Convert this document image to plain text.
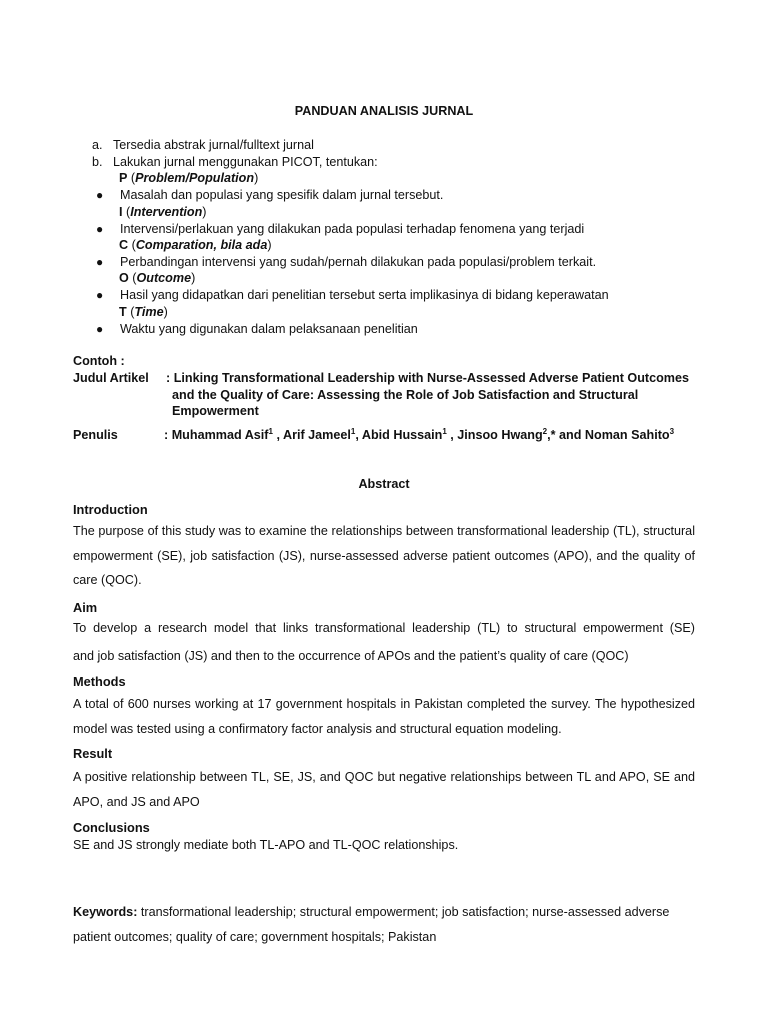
PANDUAN ANALISIS JURNAL
a. Tersedia abstrak jurnal/fulltext jurnal
b. Lakukan jurnal menggunakan PICOT, tentukan:
P (Problem/Population)
● Masalah dan populasi yang spesifik dalam jurnal tersebut.
I (Intervention)
● Intervensi/perlakuan yang dilakukan pada populasi terhadap fenomena yang terjadi
C (Comparation, bila ada)
● Perbandingan intervensi yang sudah/pernah dilakukan pada populasi/problem terkait.
O (Outcome)
● Hasil yang didapatkan dari penelitian tersebut serta implikasinya di bidang keperawatan
T (Time)
● Waktu yang digunakan dalam pelaksanaan penelitian
Contoh :
Judul Artikel : Linking Transformational Leadership with Nurse-Assessed Adverse Patient Outcomes
and the Quality of Care: Assessing the Role of Job Satisfaction and Structural
Empowerment
Penulis	: Muhammad Asif$^1$ , Arif Jameel$^1$, Abid Hussain$^1$ , Jinsoo Hwang$^2$,* and Noman Sahito$^3$
Abstract
Introduction
The purpose of this study was to examine the relationships between transformational leadership (TL), structural empowerment (SE), job satisfaction (JS), nurse-assessed adverse patient outcomes (APO), and the quality of care (QOC).
Aim
To develop a research model that links transformational leadership (TL) to structural empowerment (SE)
and job satisfaction (JS) and then to the occurrence of APOs and the patient’s quality of care (QOC)
Methods
A total of 600 nurses working at 17 government hospitals in Pakistan completed the survey. The hypothesized model was tested using a confirmatory factor analysis and structural equation modeling.
Result
A positive relationship between TL, SE, JS, and QOC but negative relationships between TL and APO, SE and APO, and JS and APO
Conclusions
SE and JS strongly mediate both TL-APO and TL-QOC relationships.
Keywords: transformational leadership; structural empowerment; job satisfaction; nurse-assessed adverse
patient outcomes; quality of care; government hospitals; Pakistan
